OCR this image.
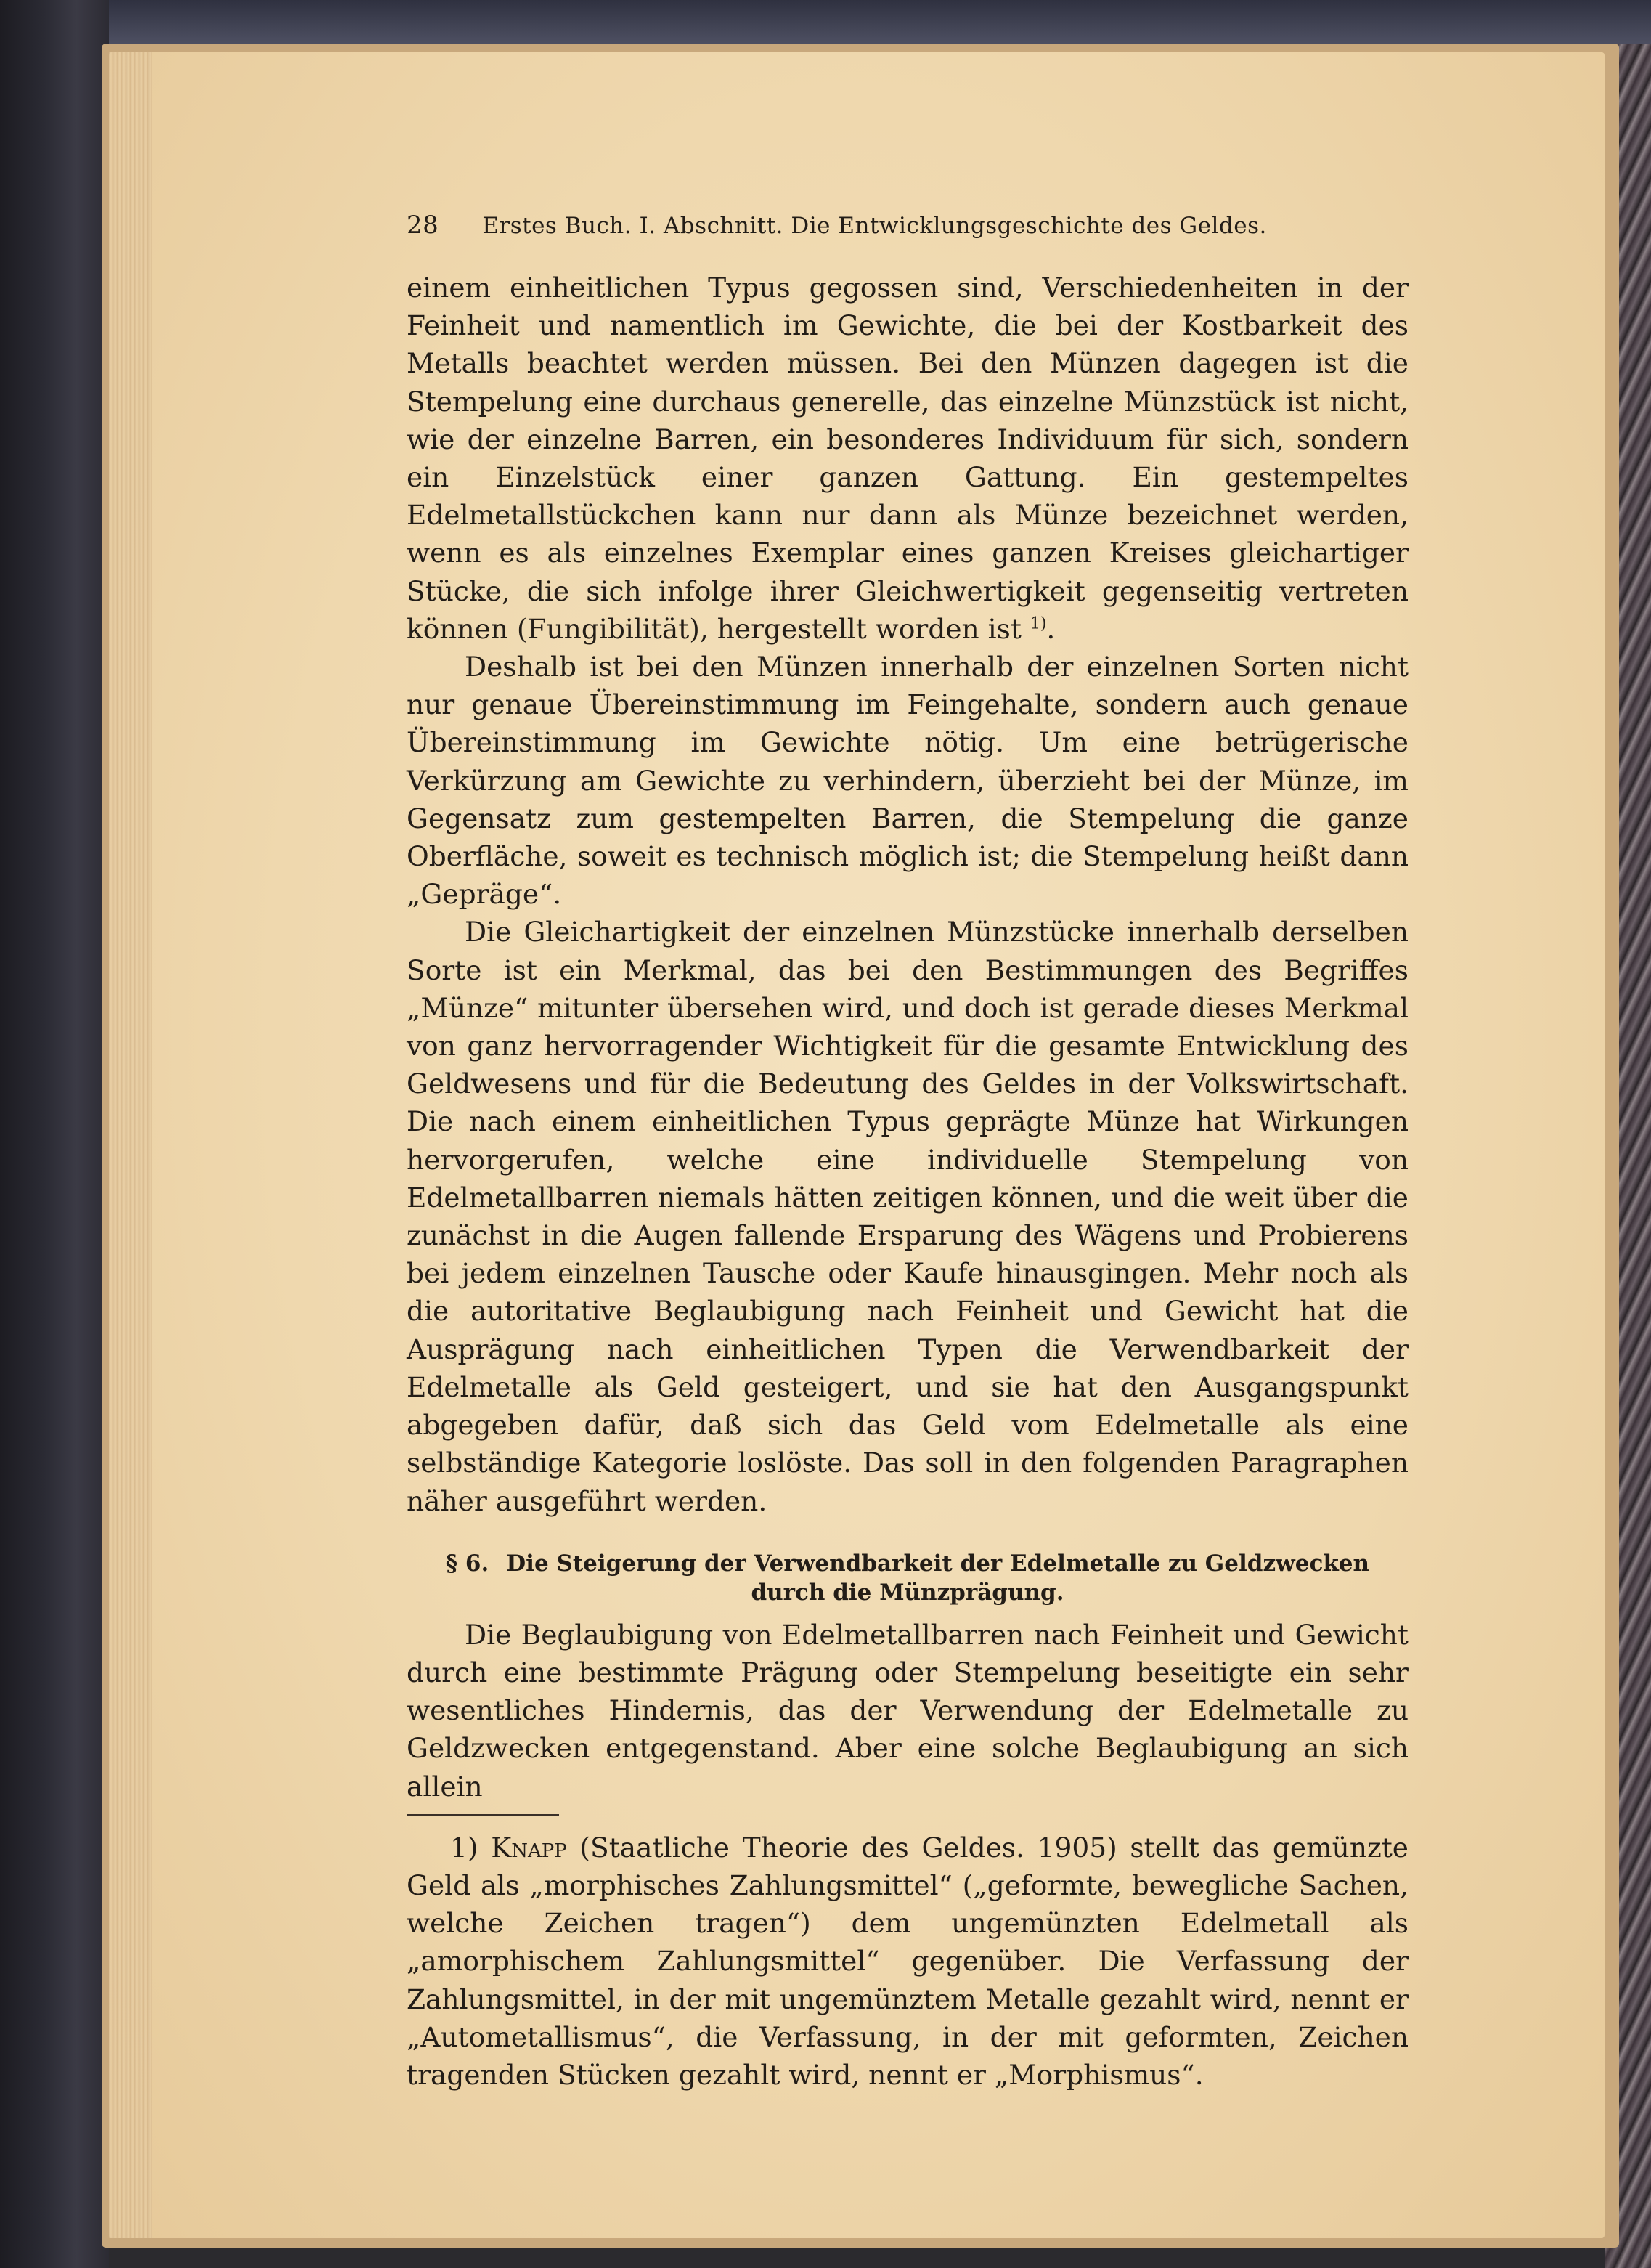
28 Erstes Buch. I. Abschnitt. Die Entwicklungsgeschichte des Geldes.

einem einheitlichen Typus gegossen sind, Verschiedenheiten in der Feinheit und namentlich im Gewichte, die bei der Kostbarkeit des Metalls beachtet werden müssen. Bei den Münzen dagegen ist die Stempelung eine durchaus generelle, das einzelne Münzstück ist nicht, wie der einzelne Barren, ein besonderes Individuum für sich, sondern ein Einzelstück einer ganzen Gattung. Ein gestempeltes Edelmetallstückchen kann nur dann als Münze bezeichnet werden, wenn es als einzelnes Exemplar eines ganzen Kreises gleichartiger Stücke, die sich infolge ihrer Gleichwertigkeit gegenseitig vertreten können (Fungibilität), hergestellt worden ist $^{1)}$.

Deshalb ist bei den Münzen innerhalb der einzelnen Sorten nicht nur genaue Übereinstimmung im Feingehalte, sondern auch genaue Übereinstimmung im Gewichte nötig. Um eine betrügerische Verkürzung am Gewichte zu verhindern, überzieht bei der Münze, im Gegensatz zum gestempelten Barren, die Stempelung die ganze Oberfläche, soweit es technisch möglich ist; die Stempelung heißt dann „Gepräge“.

Die Gleichartigkeit der einzelnen Münzstücke innerhalb derselben Sorte ist ein Merkmal, das bei den Bestimmungen des Begriffes „Münze“ mitunter übersehen wird, und doch ist gerade dieses Merkmal von ganz hervorragender Wichtigkeit für die gesamte Entwicklung des Geldwesens und für die Bedeutung des Geldes in der Volkswirtschaft. Die nach einem einheitlichen Typus geprägte Münze hat Wirkungen hervorgerufen, welche eine individuelle Stempelung von Edelmetallbarren niemals hätten zeitigen können, und die weit über die zunächst in die Augen fallende Ersparung des Wägens und Probierens bei jedem einzelnen Tausche oder Kaufe hinausgingen. Mehr noch als die autoritative Beglaubigung nach Feinheit und Gewicht hat die Ausprägung nach einheitlichen Typen die Verwendbarkeit der Edelmetalle als Geld gesteigert, und sie hat den Ausgangspunkt abgegeben dafür, daß sich das Geld vom Edelmetalle als eine selbständige Kategorie loslöste. Das soll in den folgenden Paragraphen näher ausgeführt werden.

§ 6. Die Steigerung der Verwendbarkeit der Edelmetalle zu Geldzwecken
durch die Münzprägung.

Die Beglaubigung von Edelmetallbarren nach Feinheit und Gewicht durch eine bestimmte Prägung oder Stempelung beseitigte ein sehr wesentliches Hindernis, das der Verwendung der Edelmetalle zu Geldzwecken entgegenstand. Aber eine solche Beglaubigung an sich allein

1) Knapp (Staatliche Theorie des Geldes. 1905) stellt das gemünzte Geld als „morphisches Zahlungsmittel“ („geformte, bewegliche Sachen, welche Zeichen tragen“) dem ungemünzten Edelmetall als „amorphischem Zahlungsmittel“ gegenüber. Die Verfassung der Zahlungsmittel, in der mit ungemünztem Metalle gezahlt wird, nennt er „Autometallismus“, die Verfassung, in der mit geformten, Zeichen tragenden Stücken gezahlt wird, nennt er „Morphismus“.
